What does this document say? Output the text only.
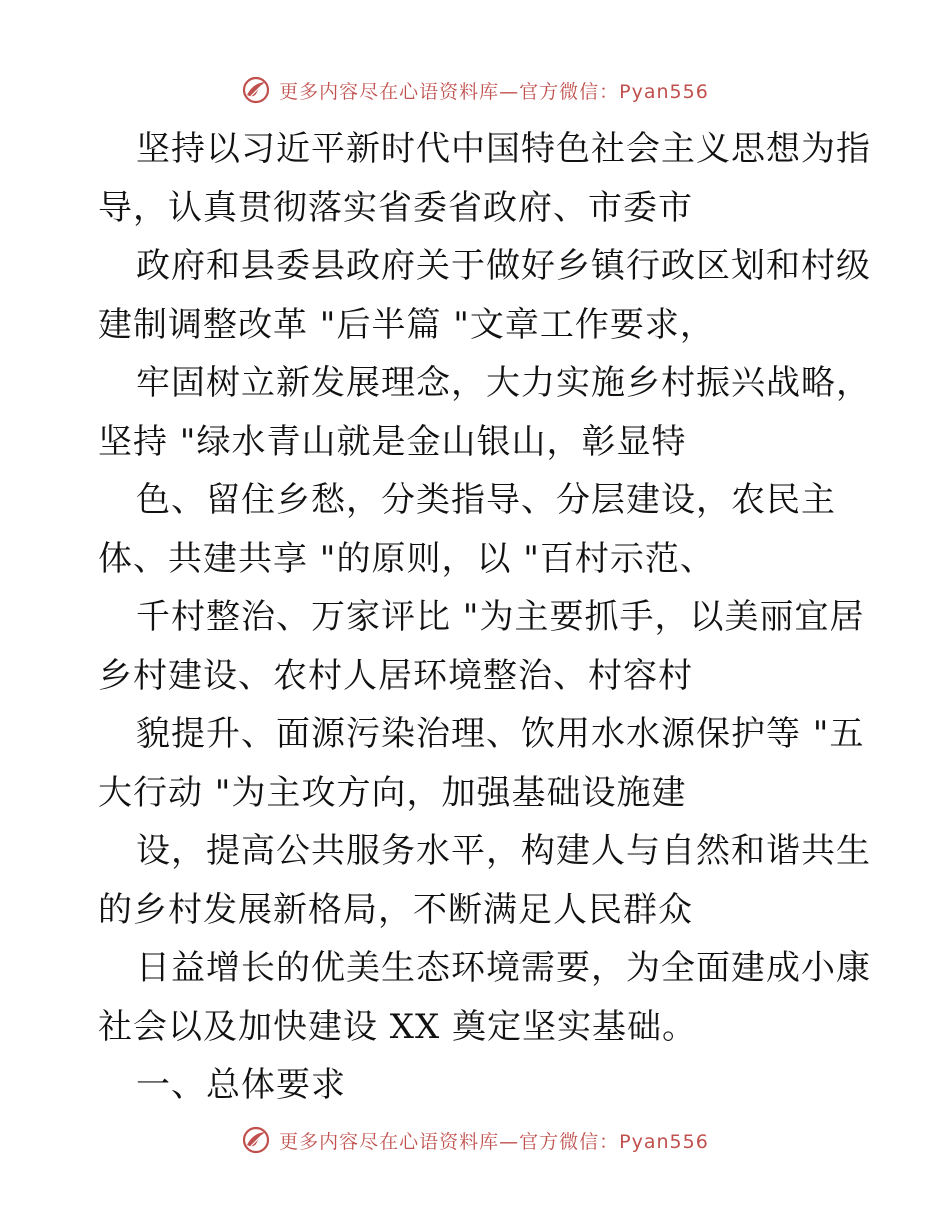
更多内容尽在心语资料库—官方微信：Pyan556
坚持以习近平新时代中国特色社会主义思想为指
导，认真贯彻落实省委省政府、市委市
政府和县委县政府关于做好乡镇行政区划和村级
建制调整改革 "后半篇 "文章工作要求，
牢固树立新发展理念，大力实施乡村振兴战略，
坚持 "绿水青山就是金山银山，彰显特
色、留住乡愁，分类指导、分层建设，农民主
体、共建共享 "的原则，以 "百村示范、
千村整治、万家评比 "为主要抓手，以美丽宜居
乡村建设、农村人居环境整治、村容村
貌提升、面源污染治理、饮用水水源保护等 "五
大行动 "为主攻方向，加强基础设施建
设，提高公共服务水平，构建人与自然和谐共生
的乡村发展新格局，不断满足人民群众
日益增长的优美生态环境需要，为全面建成小康
社会以及加快建设 XX 奠定坚实基础。
一、总体要求
更多内容尽在心语资料库—官方微信：Pyan556
